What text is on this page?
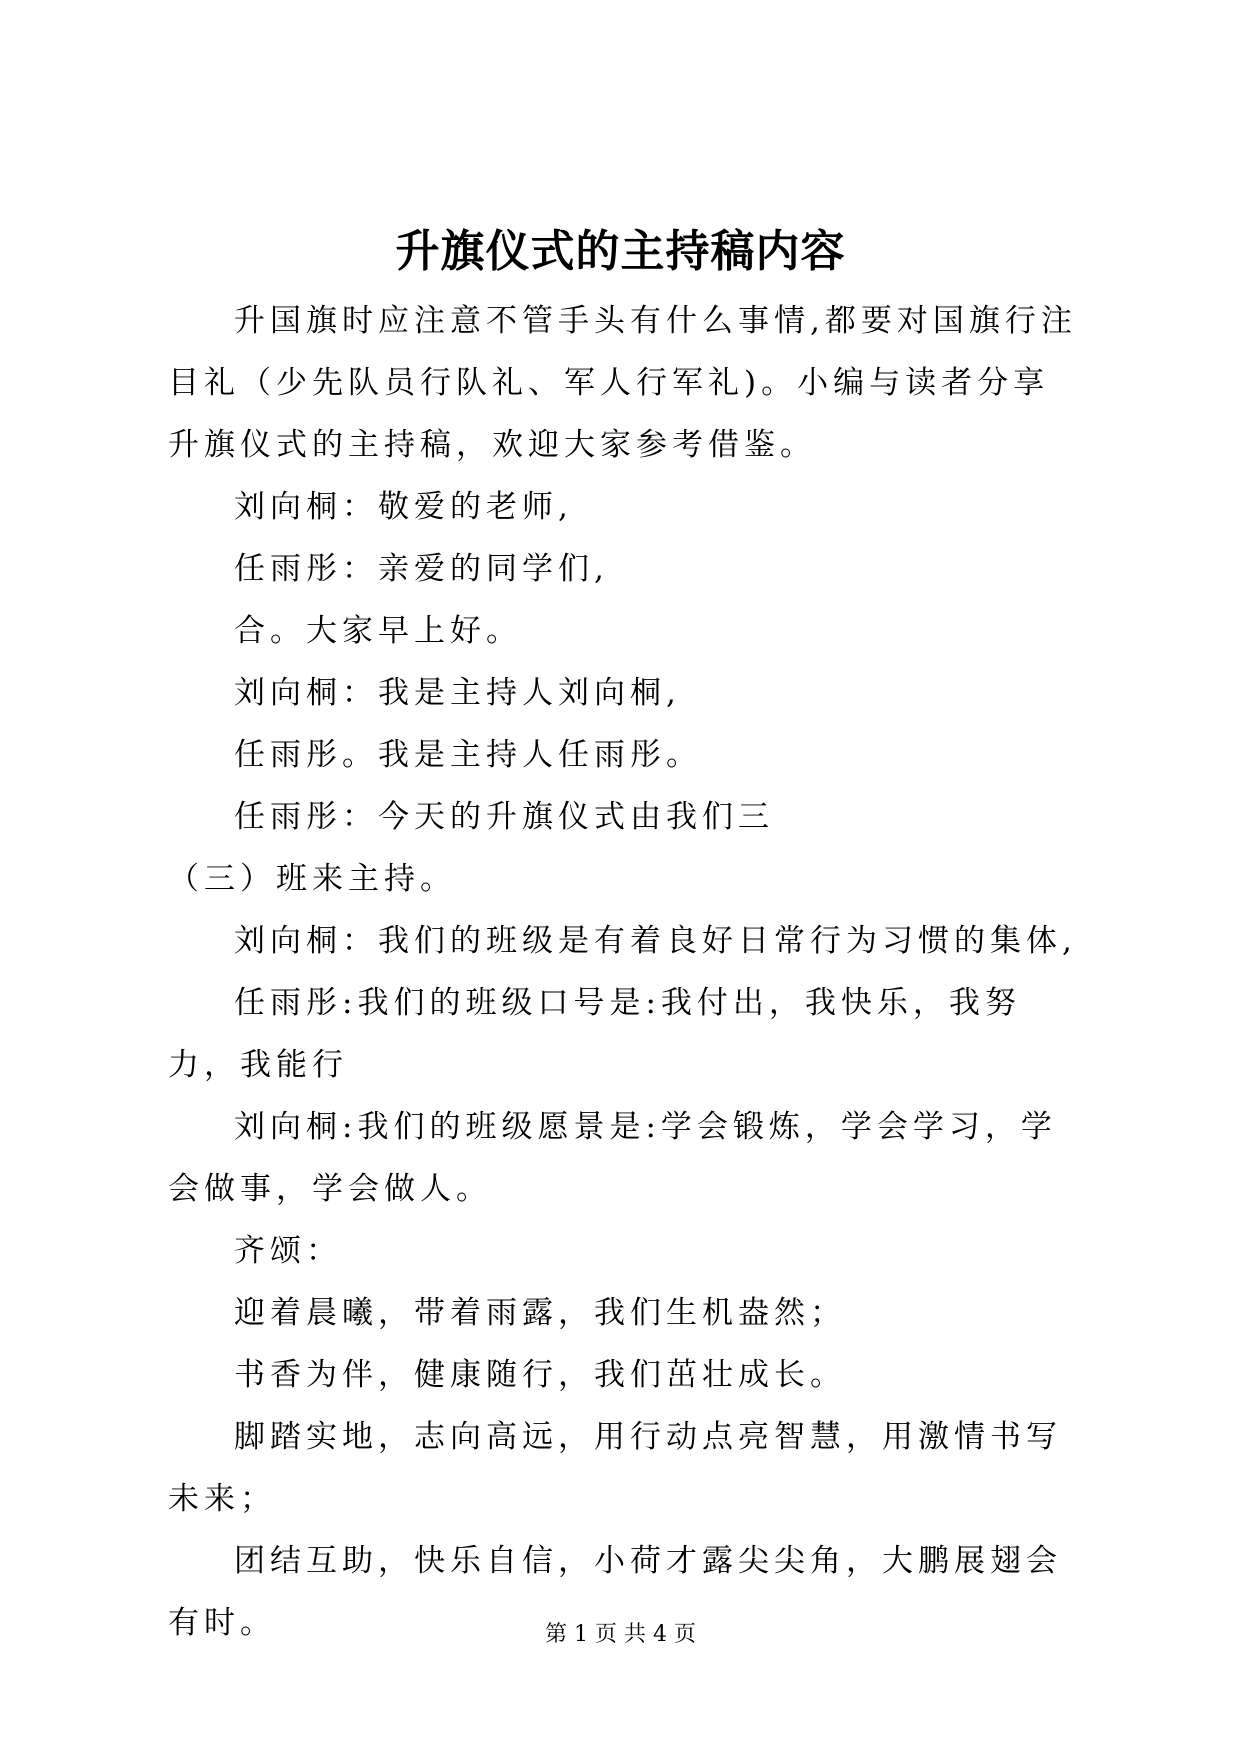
升旗仪式的主持稿内容

升国旗时应注意不管手头有什么事情,都要对国旗行注目礼（少先队员行队礼、军人行军礼)。小编与读者分享升旗仪式的主持稿，欢迎大家参考借鉴。

刘向桐：敬爱的老师,

任雨彤：亲爱的同学们,

合。大家早上好。

刘向桐：我是主持人刘向桐,

任雨彤。我是主持人任雨彤。

任雨彤：今天的升旗仪式由我们三

（三）班来主持。

刘向桐：我们的班级是有着良好日常行为习惯的集体,

任雨彤:我们的班级口号是:我付出，我快乐，我努力，我能行

刘向桐:我们的班级愿景是:学会锻炼，学会学习，学会做事，学会做人。

齐颂：

迎着晨曦，带着雨露，我们生机盎然；

书香为伴，健康随行，我们茁壮成长。

脚踏实地，志向高远，用行动点亮智慧，用激情书写未来；

团结互助，快乐自信，小荷才露尖尖角，大鹏展翅会有时。	第 1 页 共 4 页
